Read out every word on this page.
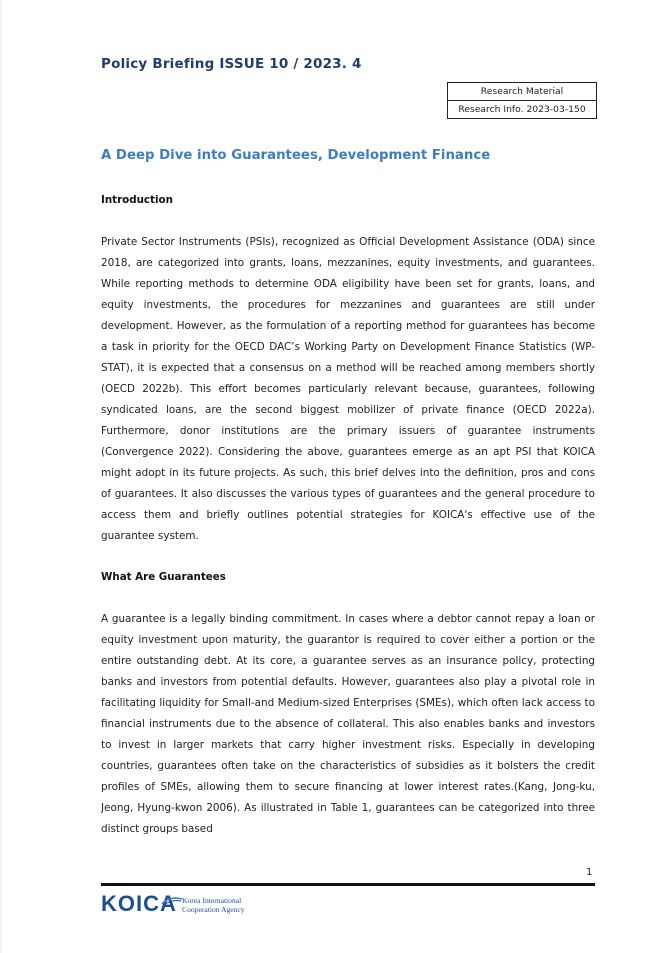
Policy Briefing ISSUE 10 / 2023. 4
Research Material
Research Info. 2023-03-150
A Deep Dive into Guarantees, Development Finance
Introduction

Private Sector Instruments (PSIs), recognized as Official Development Assistance (ODA) since 2018, are categorized into grants, loans, mezzanines, equity investments, and guarantees. While reporting methods to determine ODA eligibility have been set for grants, loans, and equity investments, the procedures for mezzanines and guarantees are still under development. However, as the formulation of a reporting method for guarantees has become a task in priority for the OECD DAC’s Working Party on Development Finance Statistics (WP-STAT), it is expected that a consensus on a method will be reached among members shortly (OECD 2022b). This effort becomes particularly relevant because, guarantees, following syndicated loans, are the second biggest mobilizer of private finance (OECD 2022a). Furthermore, donor institutions are the primary issuers of guarantee instruments (Convergence 2022). Considering the above, guarantees emerge as an apt PSI that KOICA might adopt in its future projects. As such, this brief delves into the definition, pros and cons of guarantees. It also discusses the various types of guarantees and the general procedure to access them and briefly outlines potential strategies for KOICA's effective use of the guarantee system.

What Are Guarantees

A guarantee is a legally binding commitment. In cases where a debtor cannot repay a loan or equity investment upon maturity, the guarantor is required to cover either a portion or the entire outstanding debt. At its core, a guarantee serves as an insurance policy, protecting banks and investors from potential defaults. However, guarantees also play a pivotal role in facilitating liquidity for Small-and Medium-sized Enterprises (SMEs), which often lack access to financial instruments due to the absence of collateral. This also enables banks and investors to invest in larger markets that carry higher investment risks. Especially in developing countries, guarantees often take on the characteristics of subsidies as it bolsters the credit profiles of SMEs, allowing them to secure financing at lower interest rates.(Kang, Jong-ku, Jeong, Hyung-kwon 2006). As illustrated in Table 1, guarantees can be categorized into three distinct groups based

1
KOICA Korea International
Cooperation Agency
